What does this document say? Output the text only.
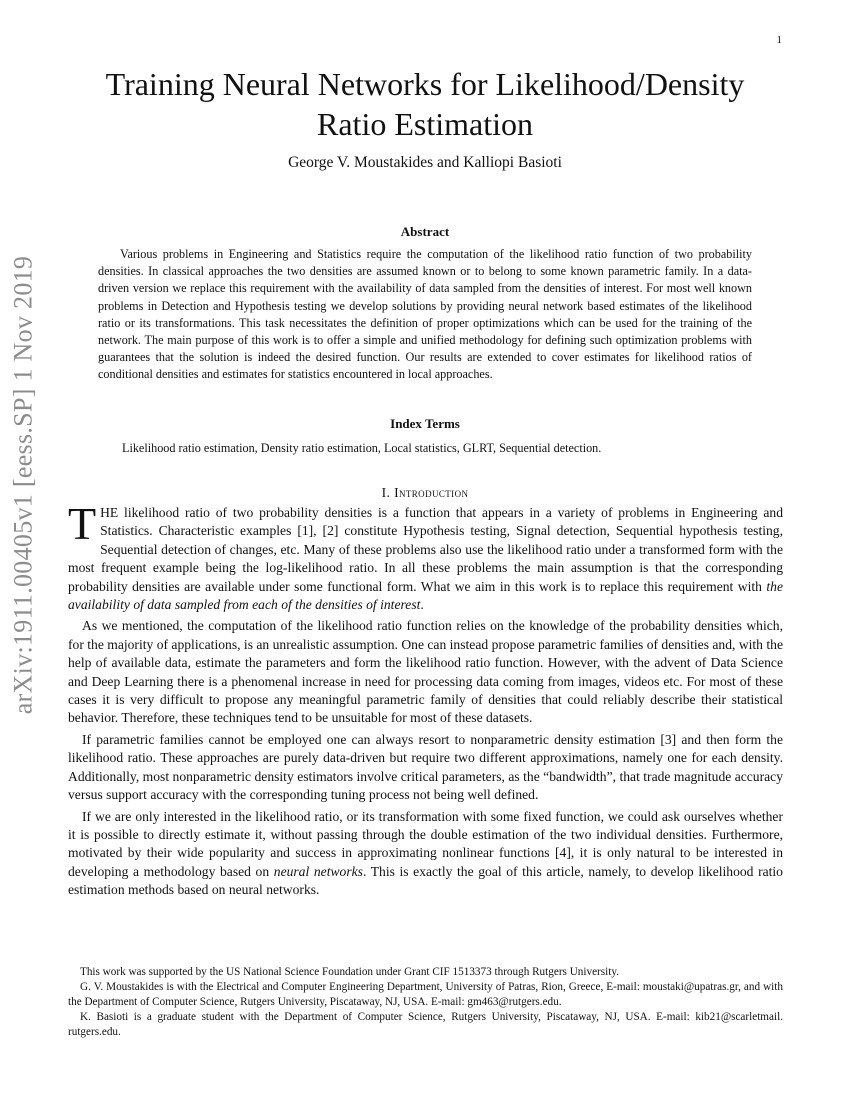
1
arXiv:1911.00405v1 [eess.SP] 1 Nov 2019
Training Neural Networks for Likelihood/Density Ratio Estimation
George V. Moustakides and Kalliopi Basioti
Abstract

Various problems in Engineering and Statistics require the computation of the likelihood ratio function of two probability densities. In classical approaches the two densities are assumed known or to belong to some known parametric family. In a data-driven version we replace this requirement with the availability of data sampled from the densities of interest. For most well known problems in Detection and Hypothesis testing we develop solutions by providing neural network based estimates of the likelihood ratio or its transformations. This task necessitates the definition of proper optimizations which can be used for the training of the network. The main purpose of this work is to offer a simple and unified methodology for defining such optimization problems with guarantees that the solution is indeed the desired function. Our results are extended to cover estimates for likelihood ratios of conditional densities and estimates for statistics encountered in local approaches.

Index Terms
Likelihood ratio estimation, Density ratio estimation, Local statistics, GLRT, Sequential detection.
I. Introduction

THE likelihood ratio of two probability densities is a function that appears in a variety of problems in Engineering and Statistics. Characteristic examples [1], [2] constitute Hypothesis testing, Signal detection, Sequential hypothesis testing, Sequential detection of changes, etc. Many of these problems also use the likelihood ratio under a transformed form with the most frequent example being the log-likelihood ratio. In all these problems the main assumption is that the corresponding probability densities are available under some functional form. What we aim in this work is to replace this requirement with the availability of data sampled from each of the densities of interest.

As we mentioned, the computation of the likelihood ratio function relies on the knowledge of the probability densities which, for the majority of applications, is an unrealistic assumption. One can instead propose parametric families of densities and, with the help of available data, estimate the parameters and form the likelihood ratio function. However, with the advent of Data Science and Deep Learning there is a phenomenal increase in need for processing data coming from images, videos etc. For most of these cases it is very difficult to propose any meaningful parametric family of densities that could reliably describe their statistical behavior. Therefore, these techniques tend to be unsuitable for most of these datasets.

If parametric families cannot be employed one can always resort to nonparametric density estimation [3] and then form the likelihood ratio. These approaches are purely data-driven but require two different approximations, namely one for each density. Additionally, most nonparametric density estimators involve critical parameters, as the “bandwidth”, that trade magnitude accuracy versus support accuracy with the corresponding tuning process not being well defined.

If we are only interested in the likelihood ratio, or its transformation with some fixed function, we could ask ourselves whether it is possible to directly estimate it, without passing through the double estimation of the two individual densities. Furthermore, motivated by their wide popularity and success in approximating nonlinear functions [4], it is only natural to be interested in developing a methodology based on neural networks. This is exactly the goal of this article, namely, to develop likelihood ratio estimation methods based on neural networks.

This work was supported by the US National Science Foundation under Grant CIF 1513373 through Rutgers University.

G. V. Moustakides is with the Electrical and Computer Engineering Department, University of Patras, Rion, Greece, E-mail: moustaki@upatras.gr, and with the Department of Computer Science, Rutgers University, Piscataway, NJ, USA. E-mail: gm463@rutgers.edu.

K. Basioti is a graduate student with the Department of Computer Science, Rutgers University, Piscataway, NJ, USA. E-mail: kib21@scarletmail. rutgers.edu.
